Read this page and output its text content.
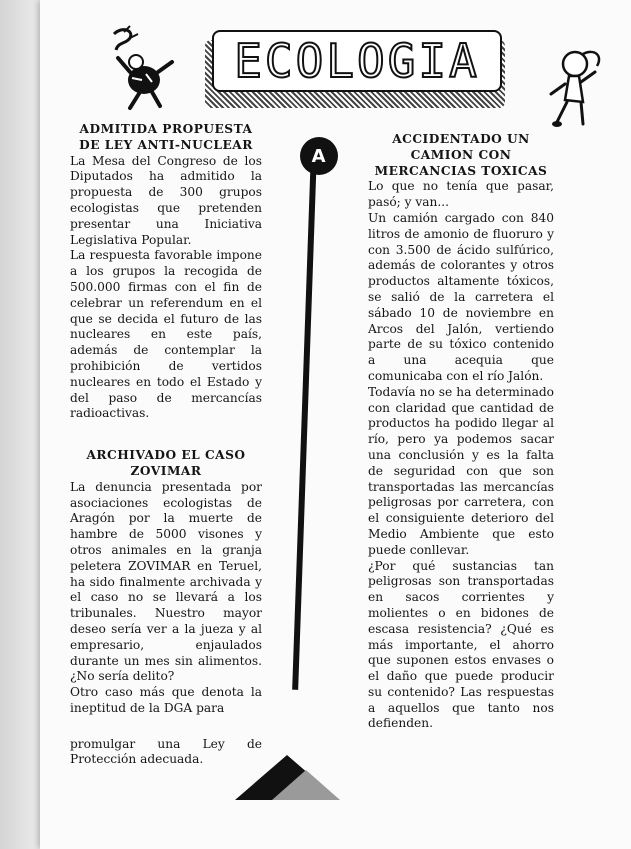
ECOLOGIA
A
ADMITIDA PROPUESTA DE LEY ANTI-NUCLEAR

La Mesa del Congreso de los Diputados ha admitido la propuesta de 300 grupos ecologistas que pretenden presentar una Iniciativa Legislativa Popular.

La respuesta favorable impone a los grupos la recogida de 500.000 firmas con el fin de celebrar un referendum en el que se decida el futuro de las nucleares en este país, además de contemplar la prohibición de vertidos nucleares en todo el Estado y del paso de mercancías radioactivas.

ARCHIVADO EL CASO ZOVIMAR

La denuncia presentada por asociaciones ecologistas de Aragón por la muerte de hambre de 5000 visones y otros animales en la granja peletera ZOVIMAR en Teruel, ha sido finalmente archivada y el caso no se llevará a los tribunales. Nuestro mayor deseo sería ver a la jueza y al empresario, enjaulados durante un mes sin alimentos. ¿No sería delito?

Otro caso más que denota la ineptitud de la DGA para

promulgar una Ley de Protección adecuada.

ACCIDENTADO UN CAMION CON MERCANCIAS TOXICAS

Lo que no tenía que pasar, pasó; y van...

Un camión cargado con 840 litros de amonio de fluoruro y con 3.500 de ácido sulfúrico, además de colorantes y otros productos altamente tóxicos, se salió de la carretera el sábado 10 de noviembre en Arcos del Jalón, vertiendo parte de su tóxico contenido a una acequia que comunicaba con el río Jalón.

Todavía no se ha determinado con claridad que cantidad de productos ha podido llegar al río, pero ya podemos sacar una conclusión y es la falta de seguridad con que son transportadas las mercancías peligrosas por carretera, con el consiguiente deterioro del Medio Ambiente que esto puede conllevar.

¿Por qué sustancias tan peligrosas son transportadas en sacos corrientes y molientes o en bidones de escasa resistencia? ¿Qué es más importante, el ahorro que suponen estos envases o el daño que puede producir su contenido? Las respuestas a aquellos que tanto nos defienden.
